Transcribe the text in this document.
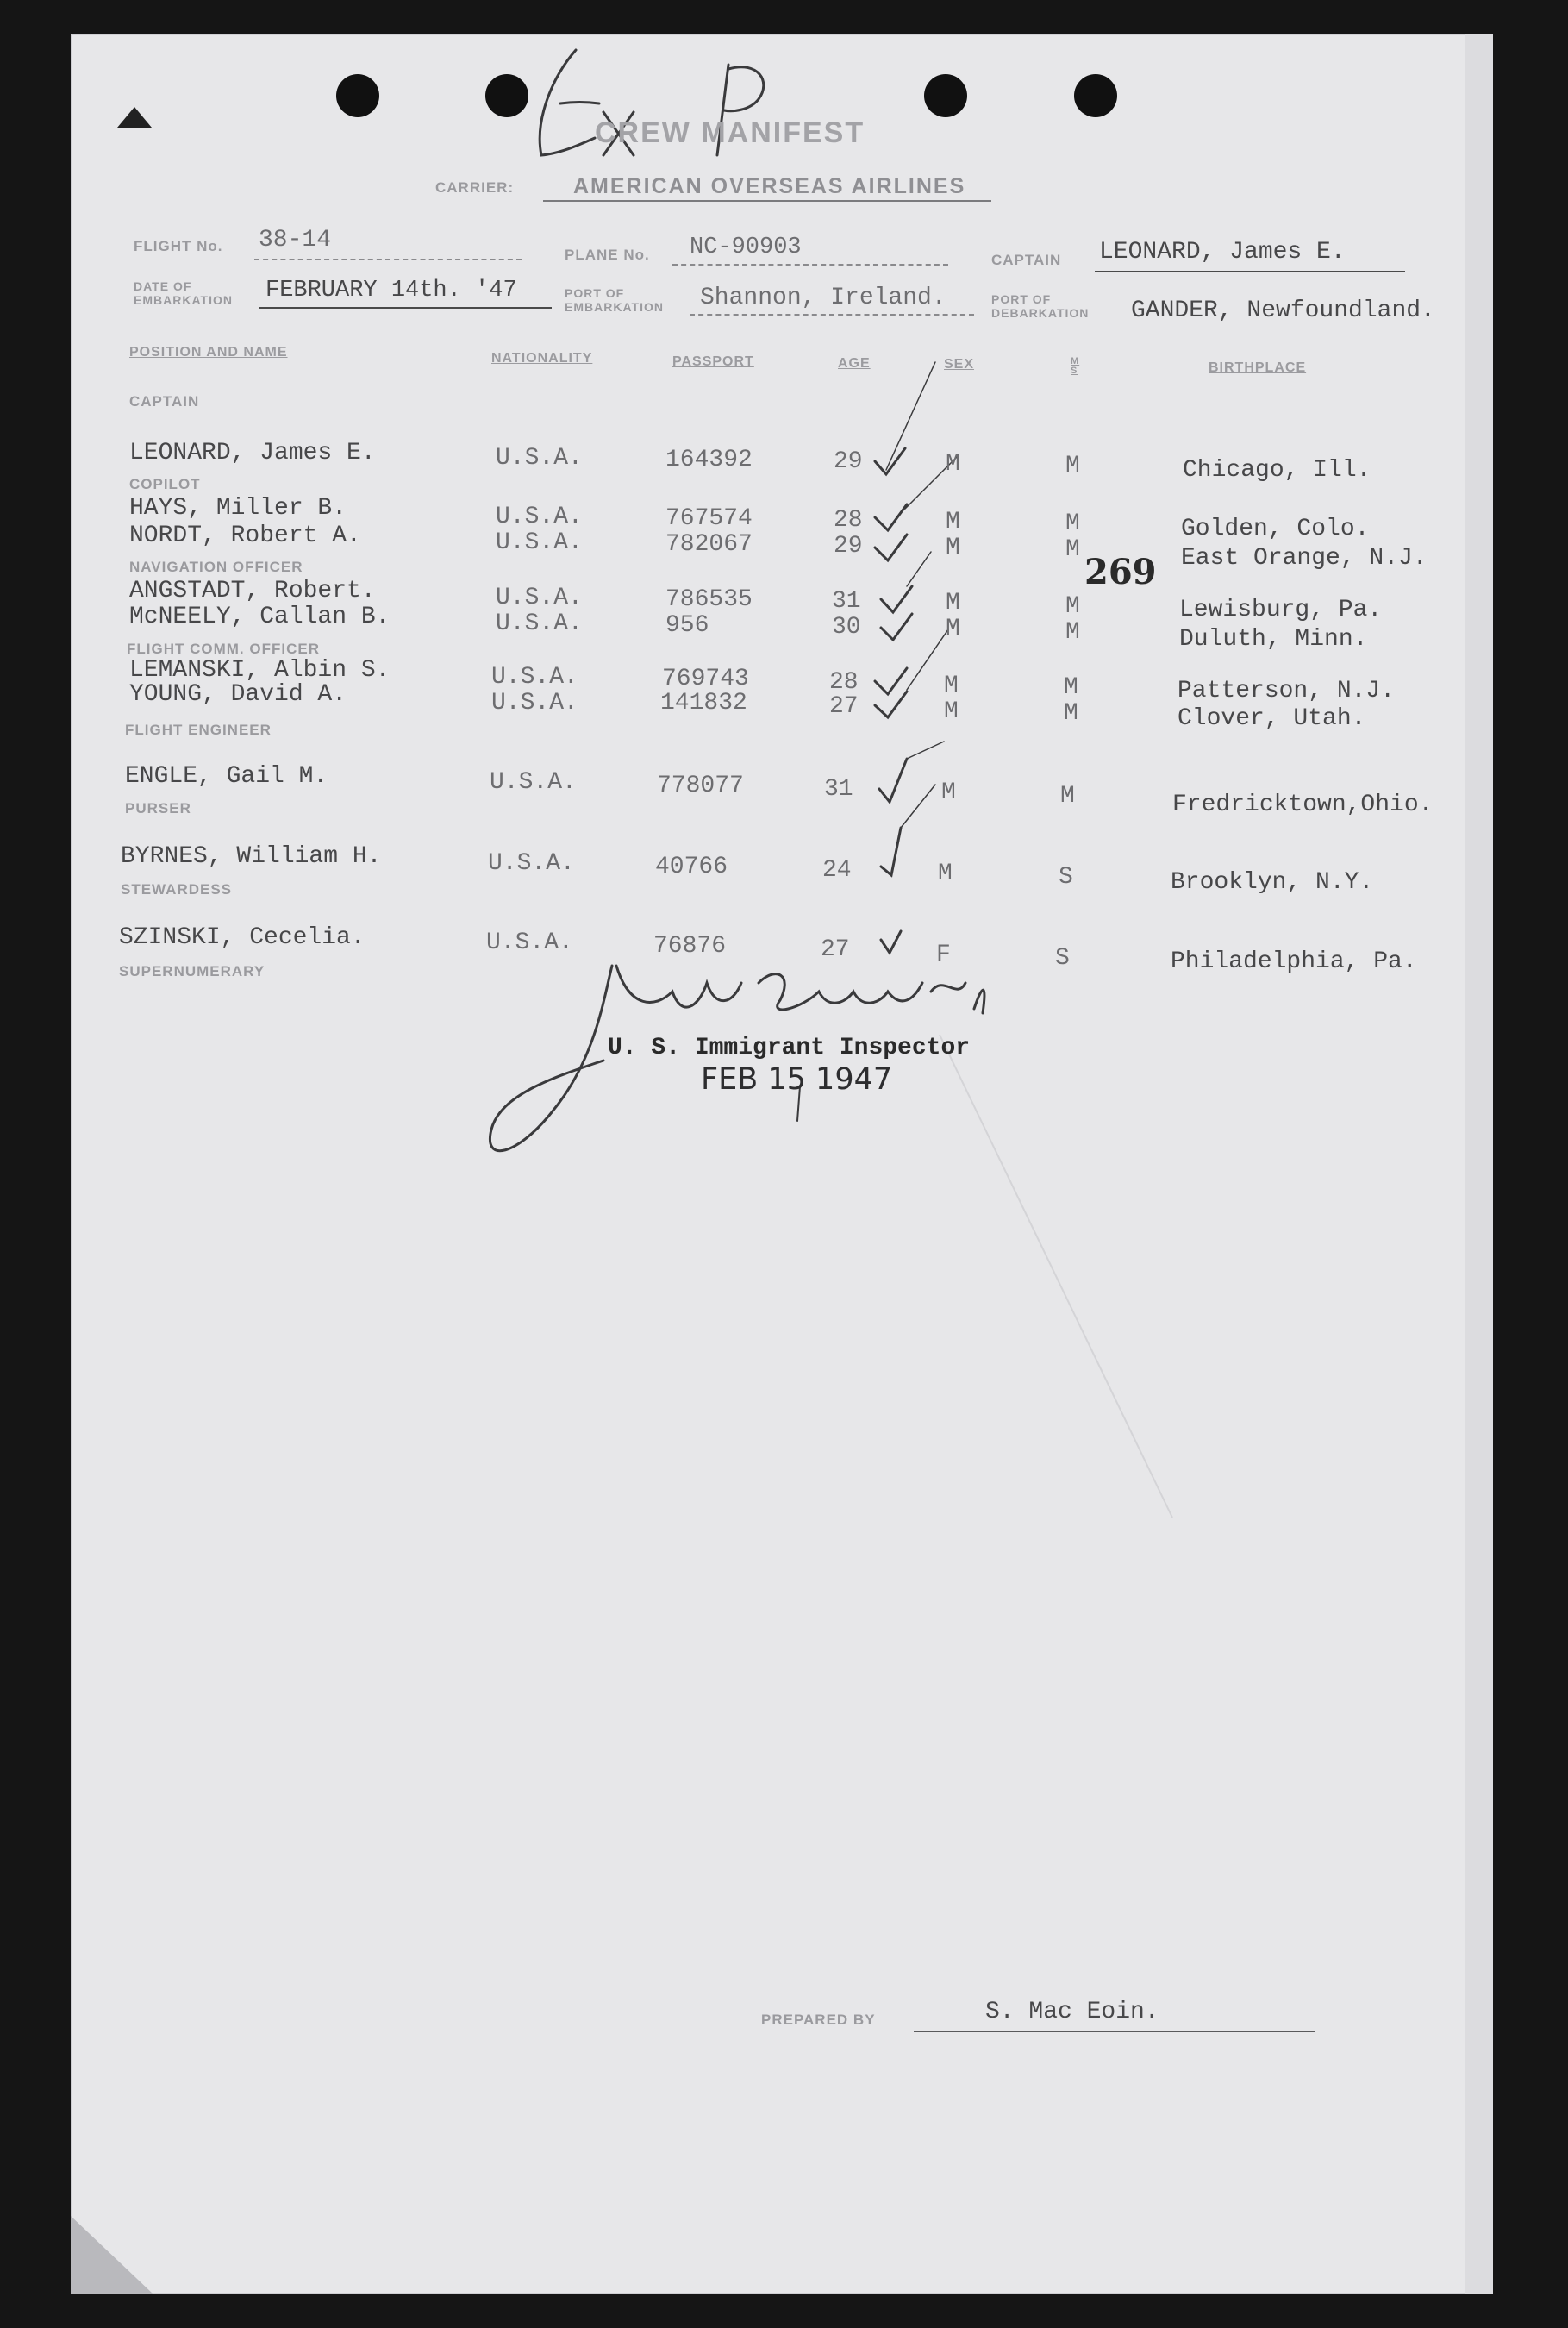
CREW MANIFEST
CARRIER:	AMERICAN OVERSEAS AIRLINES
FLIGHT No. 38-14
PLANE No. NC-90903	CAPTAIN LEONARD, James E.
DATE OF
EMBARKATION FEBRUARY 14th. '47	PORT OF
EMBARKATION Shannon, Ireland.	PORT OF
DEBARKATION GANDER, Newfoundland.
POSITION AND NAME	NATIONALITY	PASSPORT	AGE	SEX	M S	BIRTHPLACE
CAPTAIN
COPILOT
NAVIGATION OFFICER
FLIGHT COMM. OFFICER
FLIGHT ENGINEER
PURSER
STEWARDESS
SUPERNUMERARY
LEONARD, James E.	U.S.A.	164392	29	M	M	Chicago, Ill.
HAYS, Miller B.	U.S.A.	767574	28	M	M	Golden, Colo.
NORDT, Robert A.	U.S.A.	782067	29	M	M	East Orange, N.J.
ANGSTADT, Robert.	U.S.A.	786535	31	M	M	Lewisburg, Pa.
McNEELY, Callan B.	U.S.A.	956	30	M	M	Duluth, Minn.
LEMANSKI, Albin S.	U.S.A.	769743	28	M	M	Patterson, N.J.
YOUNG, David A.	U.S.A.	141832	27	M	M	Clover, Utah.
ENGLE, Gail M.	U.S.A.	778077	31	M	M	Fredricktown,Ohio.
BYRNES, William H.	U.S.A.	40766	24	M	S	Brooklyn, N.Y.
SZINSKI, Cecelia.	U.S.A.	76876	27	F	S	Philadelphia, Pa.
269
U. S. Immigrant Inspector
FEB 15 1947
PREPARED BY	S. Mac Eoin.
